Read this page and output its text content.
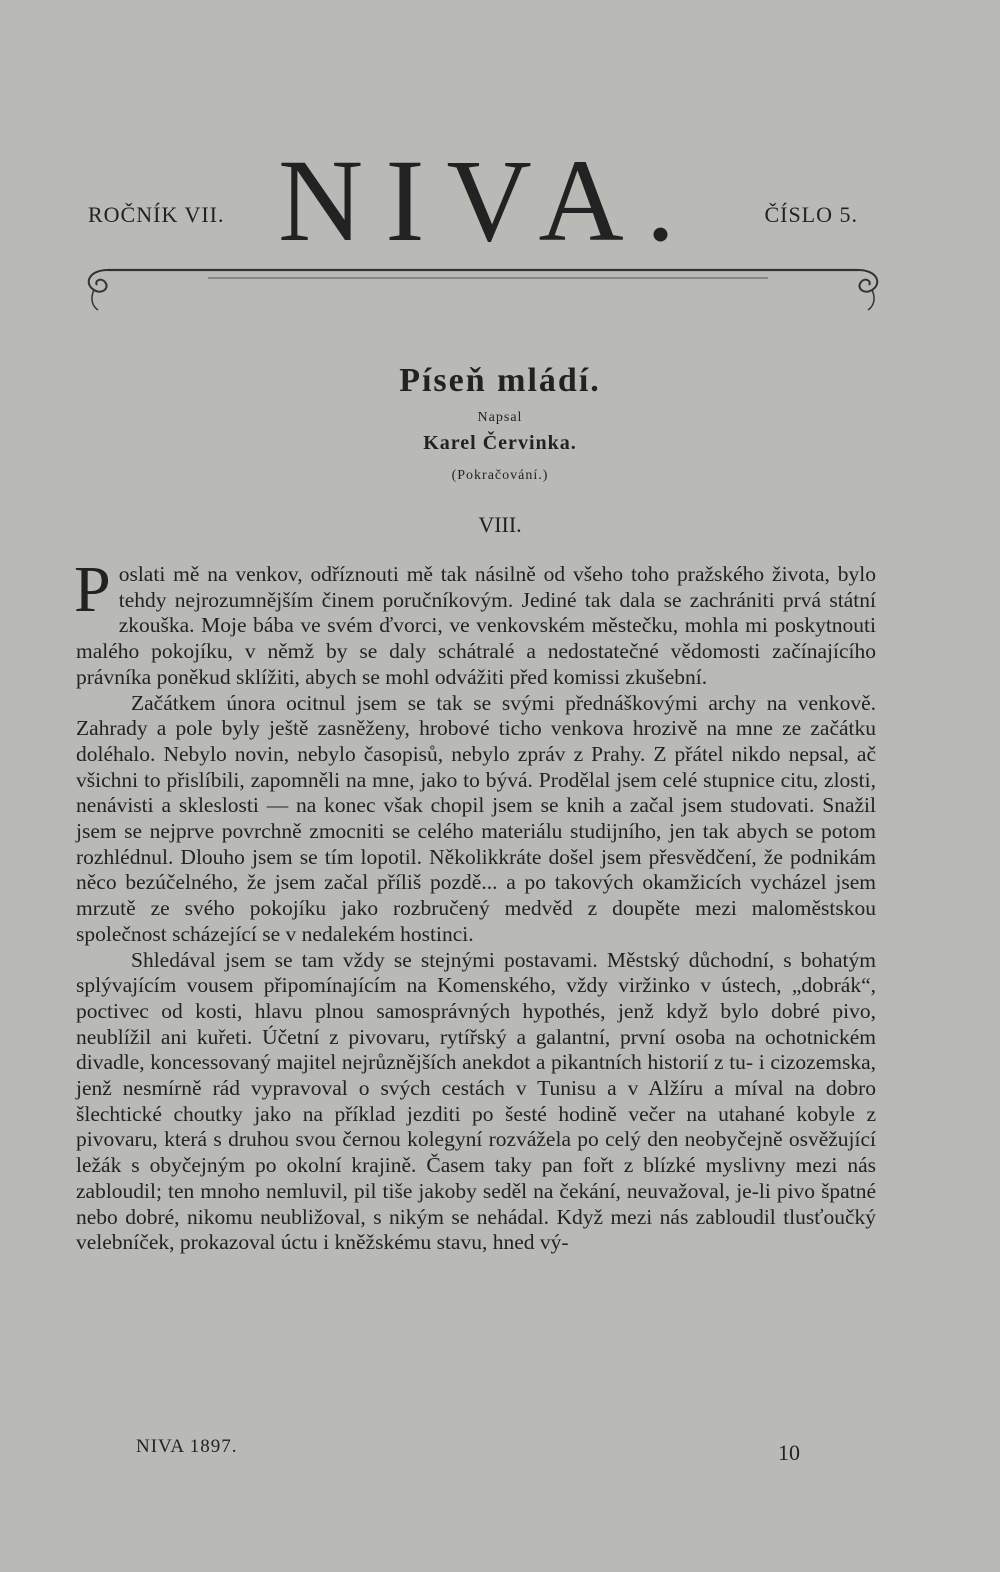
ROČNÍK VII. NIVA.	ČÍSLO 5.
Píseň mládí.
Napsal
Karel Červinka.
(Pokračování.)
VIII.

Poslati mě na venkov, odříznouti mě tak násilně od všeho toho pražského života, bylo tehdy nejrozumnějším činem poručníkovým. Jediné tak dala se zachrániti prvá státní zkouška. Moje bába ve svém ďvorci, ve venkovském městečku, mohla mi poskytnouti malého pokojíku, v němž by se daly schátralé a nedostatečné vědomosti začínajícího právníka poněkud sklížiti, abych se mohl odvážiti před komissi zkušební.

Začátkem února ocitnul jsem se tak se svými přednáškovými archy na venkově. Zahrady a pole byly ještě zasněženy, hrobové ticho venkova hrozivě na mne ze začátku doléhalo. Nebylo novin, nebylo časopisů, nebylo zpráv z Prahy. Z přátel nikdo nepsal, ač všichni to přislíbili, zapomněli na mne, jako to bývá. Prodělal jsem celé stupnice citu, zlosti, nenávisti a skleslosti — na konec však chopil jsem se knih a začal jsem studovati. Snažil jsem se nejprve povrchně zmocniti se celého materiálu studijního, jen tak abych se potom rozhlédnul. Dlouho jsem se tím lopotil. Několikkráte došel jsem přesvědčení, že podnikám něco bezúčelného, že jsem začal příliš pozdě... a po takových okamžicích vycházel jsem mrzutě ze svého pokojíku jako rozbručený medvěd z doupěte mezi maloměstskou společnost scházející se v nedalekém hostinci.

Shledával jsem se tam vždy se stejnými postavami. Městský důchodní, s bohatým splývajícím vousem připomínajícím na Komenského, vždy viržinko v ústech, „dobrák“, poctivec od kosti, hlavu plnou samosprávných hypothés, jenž když bylo dobré pivo, neublížil ani kuřeti. Účetní z pivovaru, rytířský a galantní, první osoba na ochotnickém divadle, koncessovaný majitel nejrůznějších anekdot a pikantních historií z tu- i cizozemska, jenž nesmírně rád vypravoval o svých cestách v Tunisu a v Alžíru a míval na dobro šlechtické choutky jako na příklad jezditi po šesté hodině večer na utahané kobyle z pivovaru, která s druhou svou černou kolegyní rozvážela po celý den neobyčejně osvěžující ležák s obyčejným po okolní krajině. Časem taky pan fořt z blízké myslivny mezi nás zabloudil; ten mnoho nemluvil, pil tiše jakoby seděl na čekání, neuvažoval, je-li pivo špatné nebo dobré, nikomu neubližoval, s nikým se nehádal. Když mezi nás zabloudil tlusťoučký velebníček, prokazoval úctu i kněžskému stavu, hned vý-

NIVA 1897.	10
